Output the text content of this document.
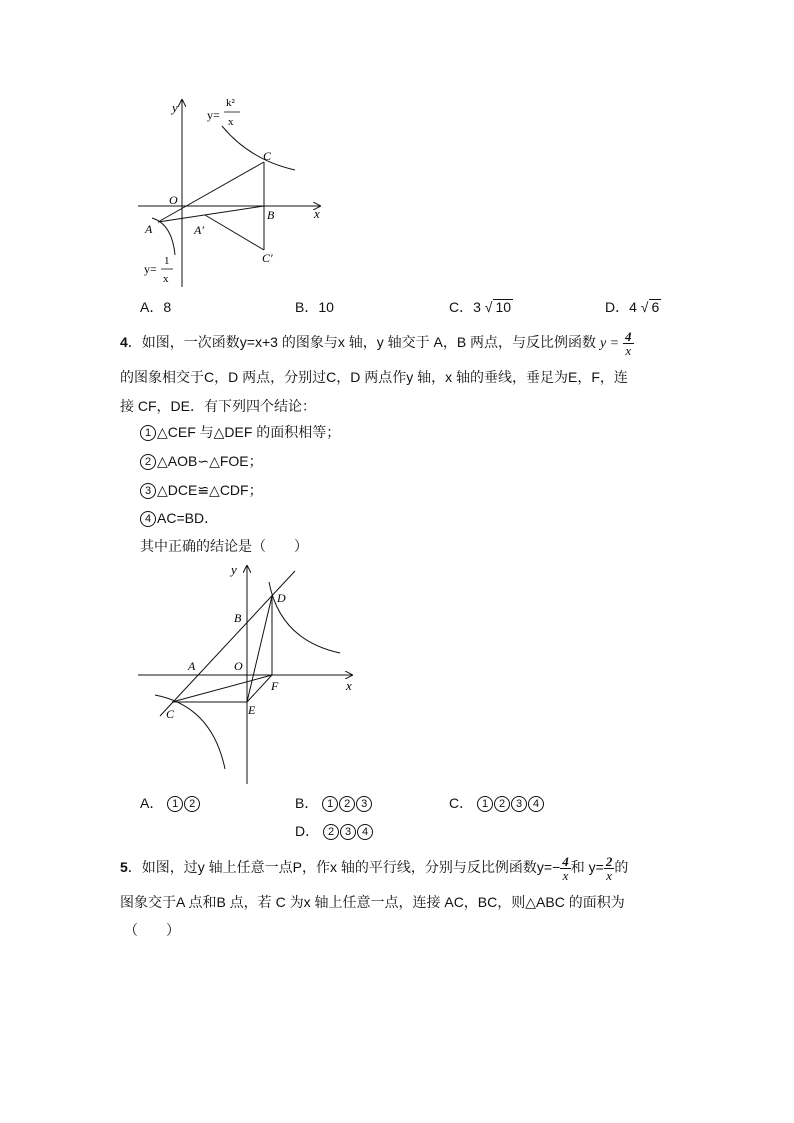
y
x
O
A	A′
B
C
C′
y=
k²
x
y=
1
x
A．8	B．10	C．3 √ 10	D．4 √ 6
4．如图，一次函数y=x+3 的图象与x 轴，y 轴交于 A，B 两点，与反比例函数 $y = \frac{4}{x}$
的图象相交于C，D 两点，分别过C，D 两点作y 轴，x 轴的垂线，垂足为E，F，连
接 CF，DE．有下列四个结论：
1 △CEF 与△DEF 的面积相等；
2 △AOB∽△FOE；
3 △DCE≌△CDF；
4 AC=BD．
其中正确的结论是（　　）
y
x
A
B
O
C
D
E
F
A． 1 2	B． 1 2 3	C． 1 2 3 4
D． 2 3 4
5．如图，过y 轴上任意一点P，作x 轴的平行线，分别与反比例函数$y=- \frac{4}{x}$ 和 $y= \frac{2}{x}$ 的
图象交于A 点和B 点，若 C 为x 轴上任意一点，连接 AC，BC，则△ABC 的面积为
（　　）
